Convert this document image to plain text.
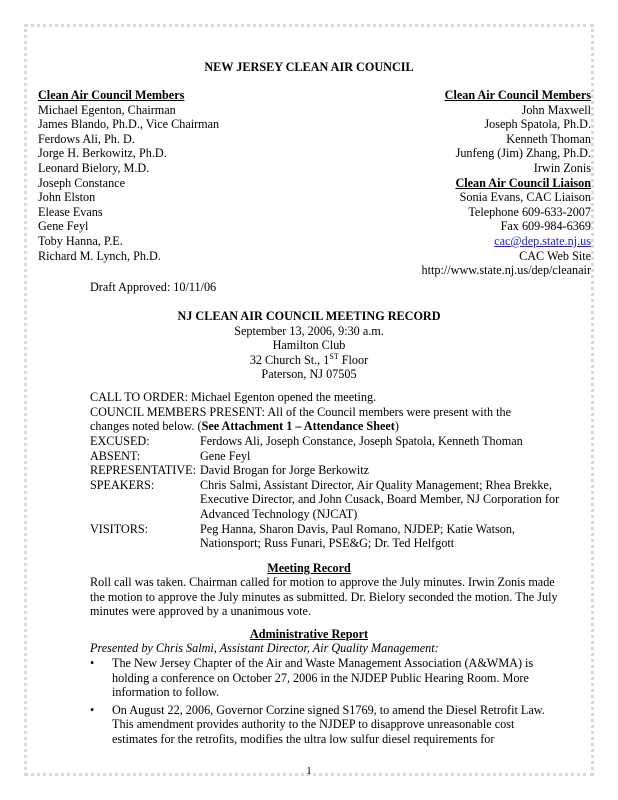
NEW JERSEY CLEAN AIR COUNCIL
Clean Air Council Members
Michael Egenton, Chairman
James Blando, Ph.D., Vice Chairman
Ferdows Ali, Ph. D.
Jorge H. Berkowitz, Ph.D.
Leonard Bielory, M.D.
Joseph Constance
John Elston
Elease Evans
Gene Feyl
Toby Hanna, P.E.
Richard M. Lynch, Ph.D.
Clean Air Council Members
John Maxwell
Joseph Spatola, Ph.D.
Kenneth Thoman
Junfeng (Jim) Zhang, Ph.D.
Irwin Zonis
Clean Air Council Liaison
Sonia Evans, CAC Liaison
Telephone 609-633-2007
Fax 609-984-6369
cac@dep.state.nj.us
CAC Web Site
http://www.state.nj.us/dep/cleanair
Draft Approved: 10/11/06
NJ CLEAN AIR COUNCIL MEETING RECORD
September 13, 2006, 9:30 a.m.
Hamilton Club
32 Church St., 1ST Floor
Paterson, NJ 07505
CALL TO ORDER: Michael Egenton opened the meeting.
COUNCIL MEMBERS PRESENT: All of the Council members were present with the
changes noted below. (See Attachment 1 – Attendance Sheet)
EXCUSED:	Ferdows Ali, Joseph Constance, Joseph Spatola, Kenneth Thoman
ABSENT:	Gene Feyl
REPRESENTATIVE: David Brogan for Jorge Berkowitz
SPEAKERS:	Chris Salmi, Assistant Director, Air Quality Management; Rhea Brekke, Executive Director, and John Cusack, Board Member, NJ Corporation for Advanced Technology (NJCAT)
VISITORS:	Peg Hanna, Sharon Davis, Paul Romano, NJDEP; Katie Watson, Nationsport; Russ Funari, PSE&G; Dr. Ted Helfgott
Meeting Record
Roll call was taken. Chairman called for motion to approve the July minutes. Irwin Zonis made the motion to approve the July minutes as submitted. Dr. Bielory seconded the motion. The July minutes were approved by a unanimous vote.
Administrative Report
Presented by Chris Salmi, Assistant Director, Air Quality Management:
•	The New Jersey Chapter of the Air and Waste Management Association (A&WMA) is holding a conference on October 27, 2006 in the NJDEP Public Hearing Room. More information to follow.
•	On August 22, 2006, Governor Corzine signed S1769, to amend the Diesel Retrofit Law. This amendment provides authority to the NJDEP to disapprove unreasonable cost estimates for the retrofits, modifies the ultra low sulfur diesel requirements for
1
